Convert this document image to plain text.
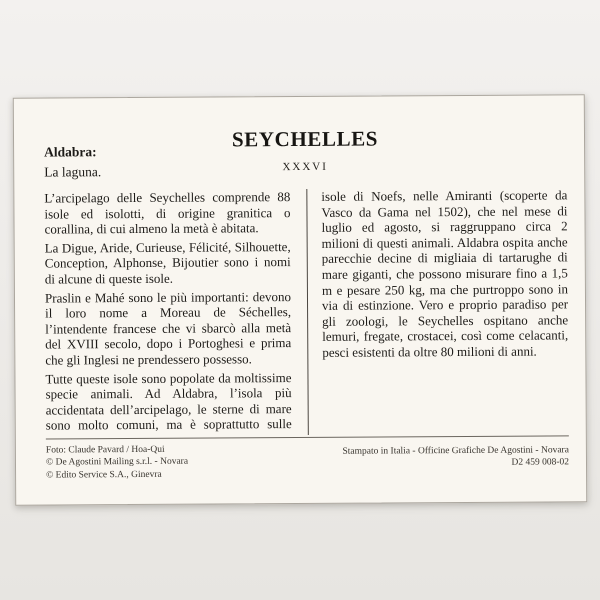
SEYCHELLES
XXXVI
Aldabra:
La laguna.

L’arcipelago delle Seychelles comprende 88 isole ed isolotti, di origine granitica o corallina, di cui almeno la metà è abitata.

La Digue, Aride, Curieuse, Félicité, Silhouette, Conception, Alphonse, Bijoutier sono i nomi di alcune di queste isole.

Praslin e Mahé sono le più importanti: devono il loro nome a Moreau de Séchelles, l’intendente francese che vi sbarcò alla metà del XVIII secolo, dopo i Portoghesi e prima che gli Inglesi ne prendessero possesso.

Tutte queste isole sono popolate da moltissime specie animali. Ad Aldabra, l’isola più accidentata dell’arcipelago, le sterne di mare sono molto comuni, ma è soprattutto sulle

isole di Noefs, nelle Amiranti (scoperte da Vasco da Gama nel 1502), che nel mese di luglio ed agosto, si raggruppano circa 2 milioni di questi animali. Aldabra ospita anche parecchie decine di migliaia di tartarughe di mare giganti, che possono misurare fino a 1,5 m e pesare 250 kg, ma che purtroppo sono in via di estinzione. Vero e proprio paradiso per gli zoologi, le Seychelles ospitano anche lemuri, fregate, crostacei, così come celacanti, pesci esistenti da oltre 80 milioni di anni.

Foto: Claude Pavard / Hoa-Qui

© De Agostini Mailing s.r.l. - Novara

© Edito Service S.A., Ginevra

Stampato in Italia - Officine Grafiche De Agostini - Novara

D2 459 008-02
